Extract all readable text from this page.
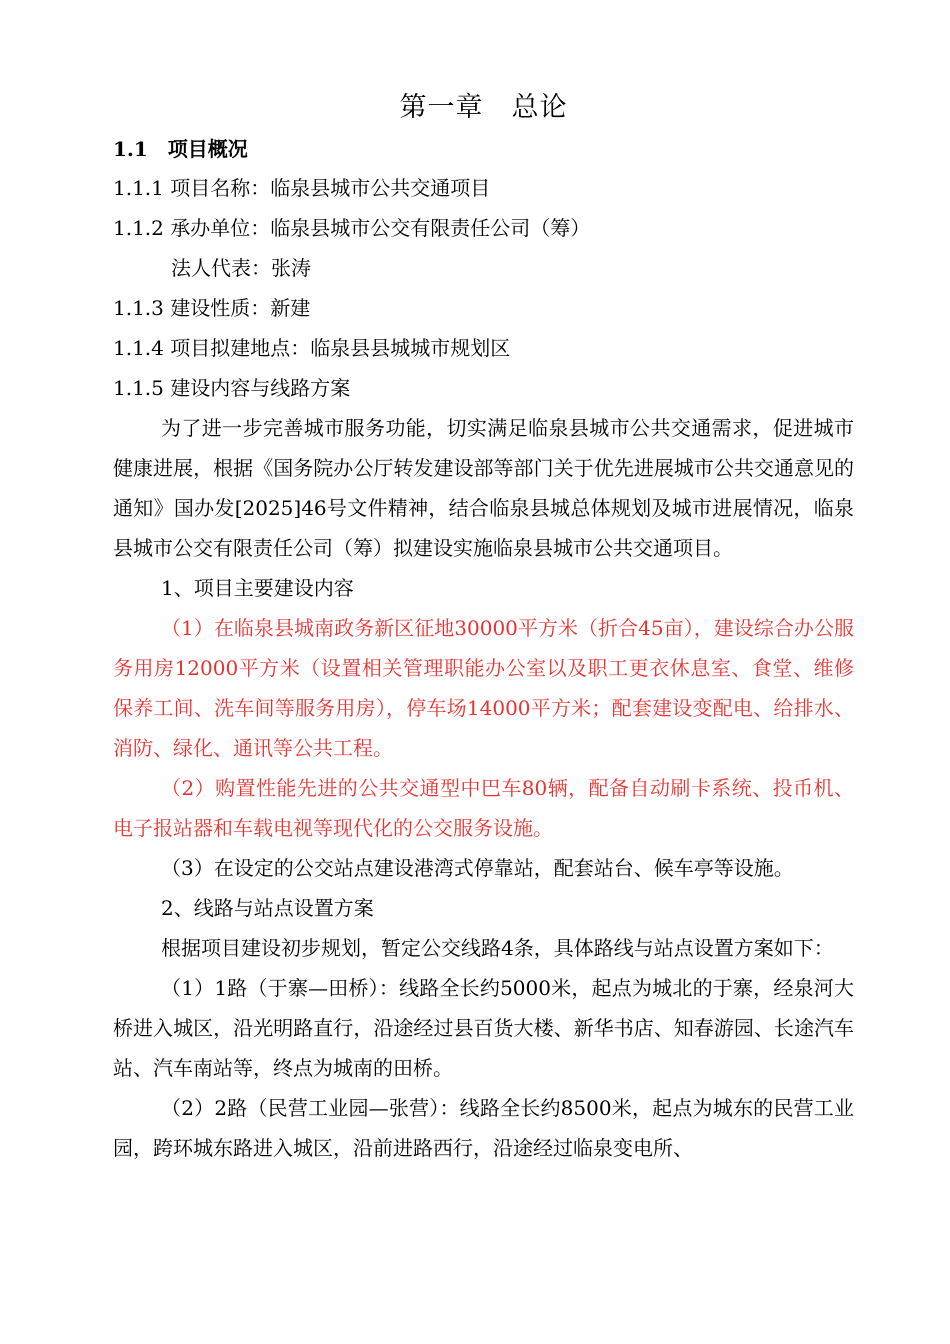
第一章　总论

1.1　项目概况

1.1.1 项目名称：临泉县城市公共交通项目

1.1.2 承办单位：临泉县城市公交有限责任公司（筹）

法人代表：张涛

1.1.3 建设性质：新建

1.1.4 项目拟建地点：临泉县县城城市规划区

1.1.5 建设内容与线路方案

为了进一步完善城市服务功能，切实满足临泉县城市公共交通需求，促进城市健康进展，根据《国务院办公厅转发建设部等部门关于优先进展城市公共交通意见的通知》国办发[2025]46号文件精神，结合临泉县城总体规划及城市进展情况，临泉县城市公交有限责任公司（筹）拟建设实施临泉县城市公共交通项目。

1、项目主要建设内容

（1）在临泉县城南政务新区征地30000平方米（折合45亩），建设综合办公服务用房12000平方米（设置相关管理职能办公室以及职工更衣休息室、食堂、维修保养工间、洗车间等服务用房），停车场14000平方米；配套建设变配电、给排水、消防、绿化、通讯等公共工程。

（2）购置性能先进的公共交通型中巴车80辆，配备自动刷卡系统、投币机、电子报站器和车载电视等现代化的公交服务设施。

（3）在设定的公交站点建设港湾式停靠站，配套站台、候车亭等设施。

2、线路与站点设置方案

根据项目建设初步规划，暂定公交线路4条，具体路线与站点设置方案如下：

（1）1路（于寨—田桥）：线路全长约5000米，起点为城北的于寨，经泉河大桥进入城区，沿光明路直行，沿途经过县百货大楼、新华书店、知春游园、长途汽车站、汽车南站等，终点为城南的田桥。

（2）2路（民营工业园—张营）：线路全长约8500米，起点为城东的民营工业园，跨环城东路进入城区，沿前进路西行，沿途经过临泉变电所、
